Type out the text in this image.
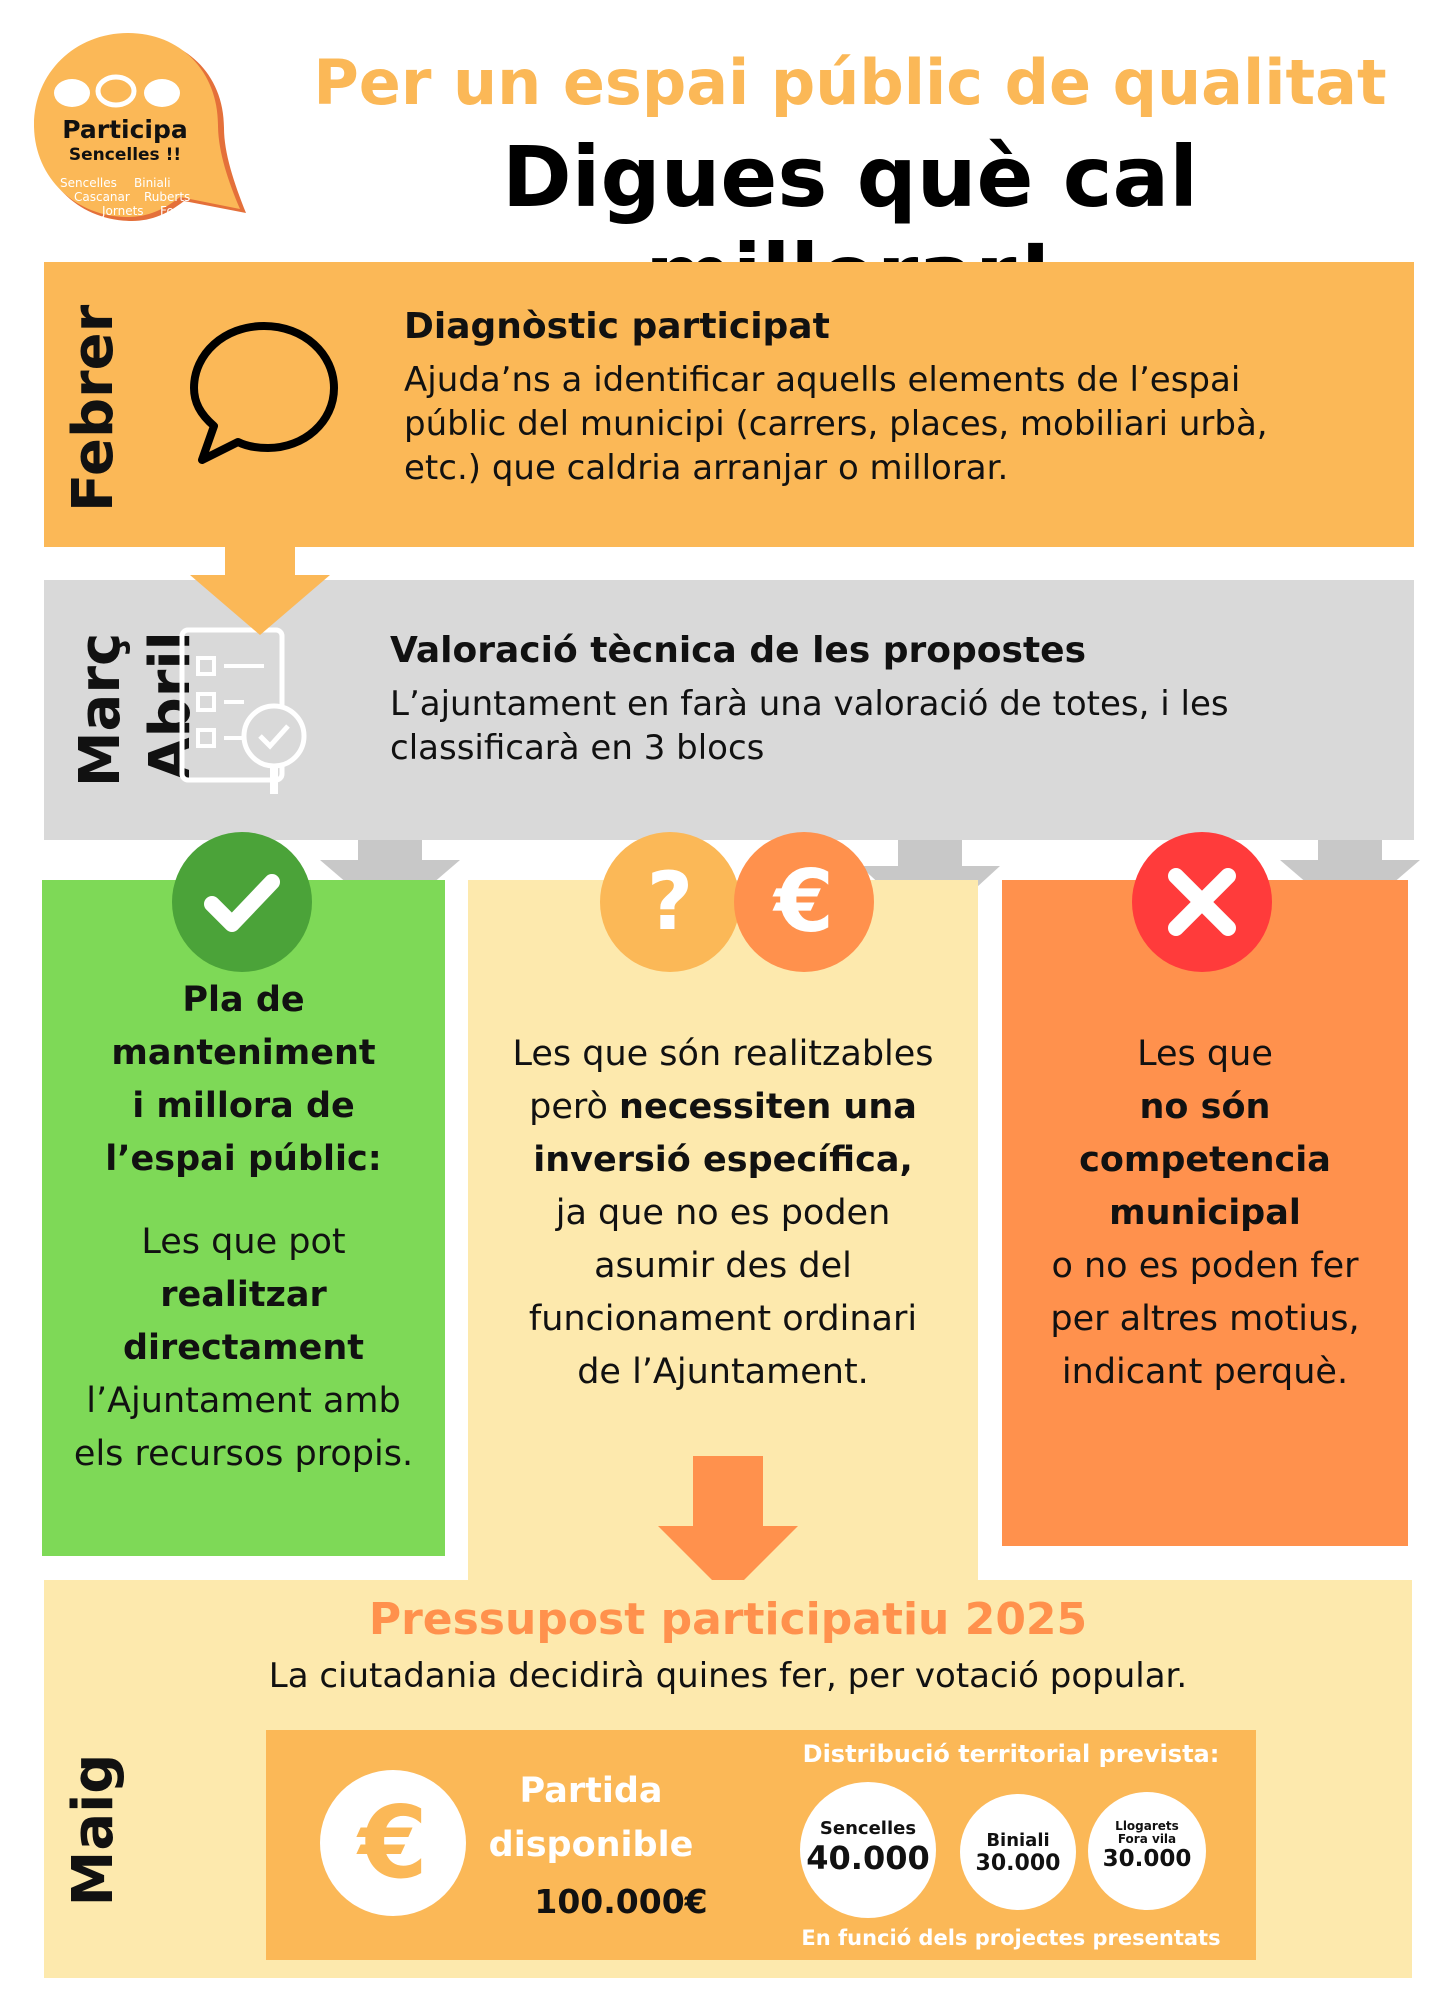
Participa
Sencelles !!
Sencelles Biniali
Cascanar Ruberts
Jornets Fora vila
Per un espai públic de qualitat
Digues què cal
Febrer	Diagnòstic participat
Ajuda’ns a identificar aquells elements de l’espai
públic del municipi (carrers, places, mobiliari urbà,
etc.) que caldria arranjar o millorar.
Març Abril	Valoració tècnica de les propostes
L’ajuntament en farà una valoració de totes, i les
classificarà en 3 blocs
Pla de
manteniment
i millora de
l’espai públic:
Les que pot
realitzar
directament
l’Ajuntament amb
els recursos propis.
? €
Les que són realitzables
però necessiten una
inversió específica,
ja que no es poden
asumir des del
funcionament ordinari
de l’Ajuntament.
Les que
no són
competencia
municipal
o no es poden fer
per altres motius,
indicant perquè.
Maig
Pressupost participatiu 2025
La ciutadania decidirà quines fer, per votació popular.
€	Partida
disponible
100.000€
Distribució territorial prevista:
Sencelles
40.000	Biniali
30.000
Llogarets
Fora vila
30.000
En funció dels projectes presentats
